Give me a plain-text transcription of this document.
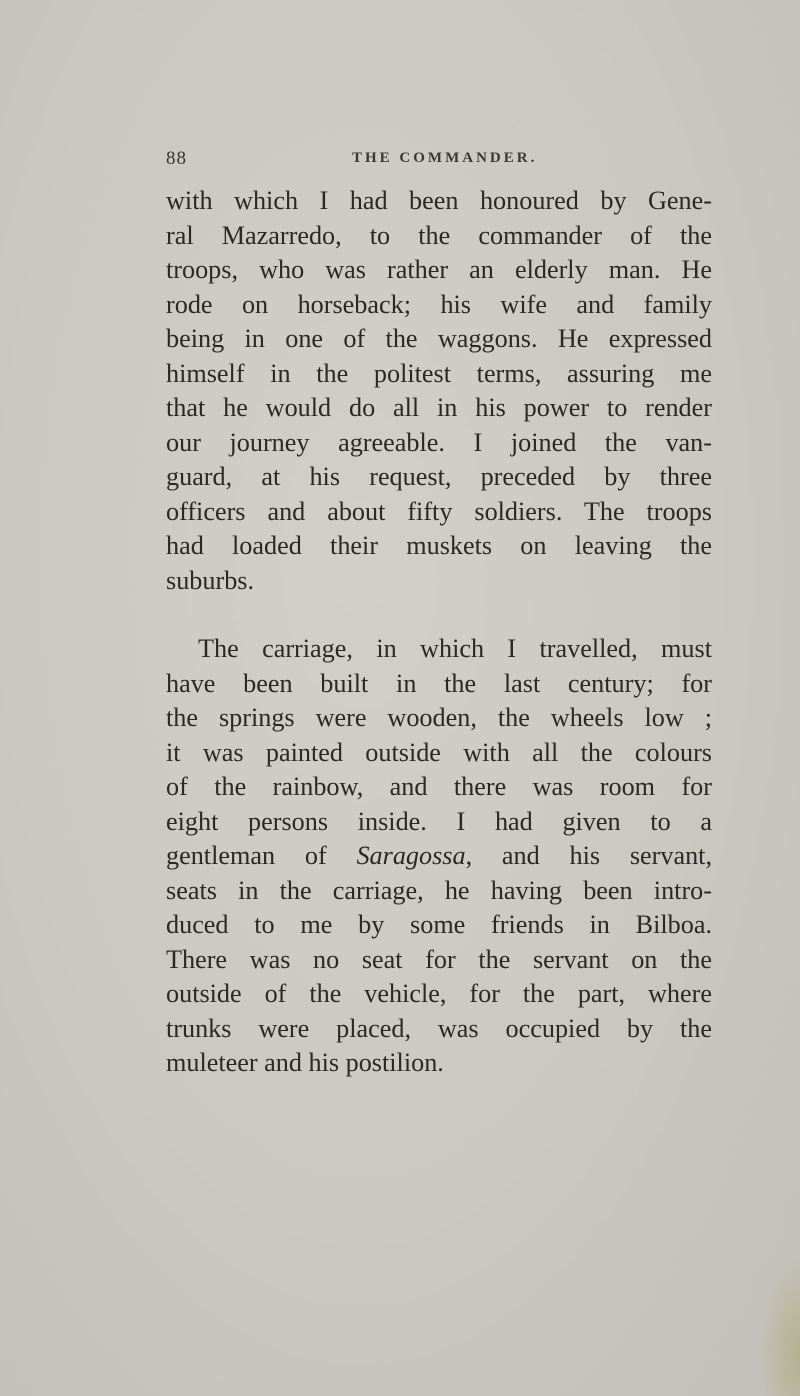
88	THE COMMANDER.
with which I had been honoured by Gene-
ral Mazarredo, to the commander of the
troops, who was rather an elderly man. He
rode on horseback; his wife and family
being in one of the waggons. He expressed
himself in the politest terms, assuring me
that he would do all in his power to render
our journey agreeable. I joined the van-
guard, at his request, preceded by three
officers and about fifty soldiers. The troops
had loaded their muskets on leaving the
suburbs.
The carriage, in which I travelled, must
have been built in the last century; for
the springs were wooden, the wheels low ;
it was painted outside with all the colours
of the rainbow, and there was room for
eight persons inside. I had given to a
gentleman of Saragossa, and his servant,
seats in the carriage, he having been intro-
duced to me by some friends in Bilboa.
There was no seat for the servant on the
outside of the vehicle, for the part, where
trunks were placed, was occupied by the
muleteer and his postilion.
